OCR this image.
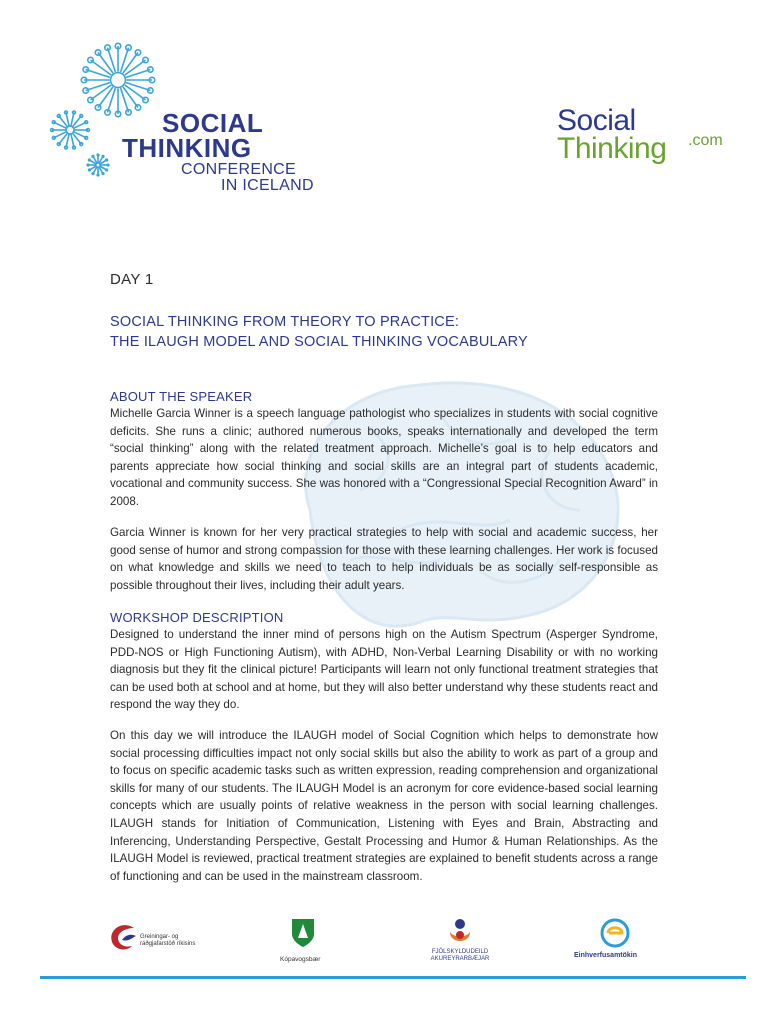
SOCIAL
THINKING
CONFERENCE
IN ICELAND
Social
Thinking .com
DAY 1
SOCIAL THINKING FROM THEORY TO PRACTICE:
THE ILAUGH MODEL AND SOCIAL THINKING VOCABULARY
ABOUT THE SPEAKER
Michelle Garcia Winner is a speech language pathologist who specializes in students with social cognitive deficits. She runs a clinic; authored numerous books, speaks internationally and developed the term “social thinking” along with the related treatment approach. Michelle’s goal is to help educators and parents appreciate how social thinking and social skills are an integral part of students academic, vocational and community success. She was honored with a “Congressional Special Recognition Award” in 2008.
Garcia Winner is known for her very practical strategies to help with social and academic success, her good sense of humor and strong compassion for those with these learning challenges. Her work is focused on what knowledge and skills we need to teach to help individuals be as socially self-responsible as possible throughout their lives, including their adult years.
WORKSHOP DESCRIPTION
Designed to understand the inner mind of persons high on the Autism Spectrum (Asperger Syndrome, PDD-NOS or High Functioning Autism), with ADHD, Non-Verbal Learning Disability or with no working diagnosis but they fit the clinical picture! Participants will learn not only functional treatment strategies that can be used both at school and at home, but they will also better understand why these students react and respond the way they do.
On this day we will introduce the ILAUGH model of Social Cognition which helps to demonstrate how social processing difficulties impact not only social skills but also the ability to work as part of a group and to focus on specific academic tasks such as written expression, reading comprehension and organizational skills for many of our students. The ILAUGH Model is an acronym for core evidence-based social learning concepts which are usually points of relative weakness in the person with social learning challenges. ILAUGH stands for Initiation of Communication, Listening with Eyes and Brain, Abstracting and Inferencing, Understanding Perspective, Gestalt Processing and Humor & Human Relationships. As the ILAUGH Model is reviewed, practical treatment strategies are explained to benefit students across a range of functioning and can be used in the mainstream classroom.
Greiningar- og
ráðgjafarstöð ríkisins
Kópavogsbær
FJÖLSKYLDUDEILD
AKUREYRARBÆJAR	Einhverfusamtökin
